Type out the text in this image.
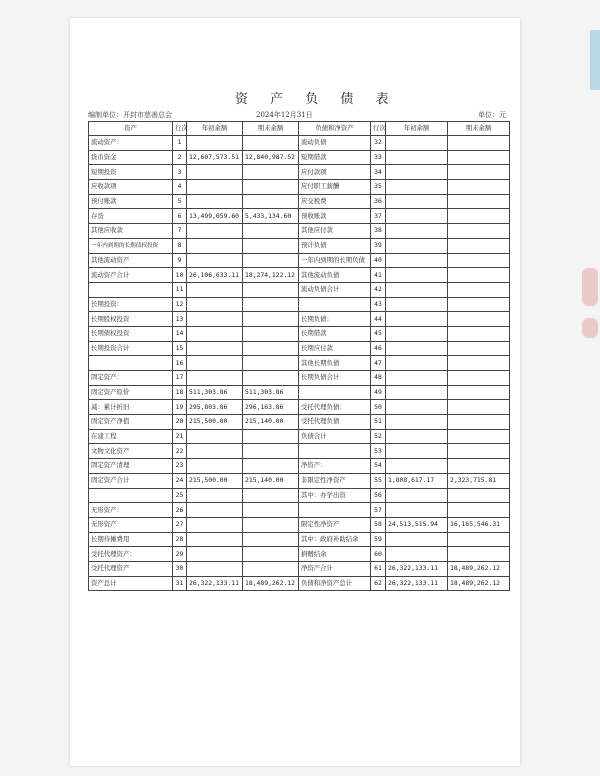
资 产 负 债 表
编制单位：开封市慈善总会	2024年12月31日	单位：元
资产	行次	年初余额	期末余额	负债和净资产	行次	年初余额	期末余额
流动资产：	1			流动负债	32		
货币资金	2	12,607,573.51	12,840,987.52	短期借款	33		
短期投资	3			应付款项	34		
应收款项	4			应付职工薪酬	35		
预付账款	5			应交税费	36		
存货	6	13,499,059.60	5,433,134.60	预收账款	37		
其他应收款	7			其他应付款	38		
一年内到期的长期债权投资	8			预计负债	39		
其他流动资产	9			一年内到期的长期负债	40		
流动资产合计	10	26,106,633.11	18,274,122.12	其他流动负债	41		
	11			流动负债合计	42		
长期投资：	12				43		
长期股权投资	13			长期负债：	44		
长期债权投资	14			长期借款	45		
长期投资合计	15			长期应付款	46		
	16			其他长期负债	47		
固定资产：	17			长期负债合计	48		
固定资产原价	18	511,303.86	511,303.86		49		
减：累计折旧	19	295,803.86	296,163.86	受托代理负债：	50		
固定资产净值	20	215,500.00	215,140.00	受托代理负债	51		
在建工程	21			负债合计	52		
文物文化资产	22				53		
固定资产清理	23			净资产：	54		
固定资产合计	24	215,500.00	215,140.00	非限定性净资产	55	1,808,617.17	2,323,715.81
	25			其中：办学出资	56		
无形资产：	26				57		
无形资产	27			限定性净资产	58	24,513,515.94	16,165,546.31
长期待摊费用	28			其中：政府补助结余	59		
受托代理资产：	29			捐赠结余	60		
受托代理资产	30			净资产合计	61	26,322,133.11	18,489,262.12
资产总计	31	26,322,133.11	18,489,262.12	负债和净资产总计	62	26,322,133.11	18,489,262.12
